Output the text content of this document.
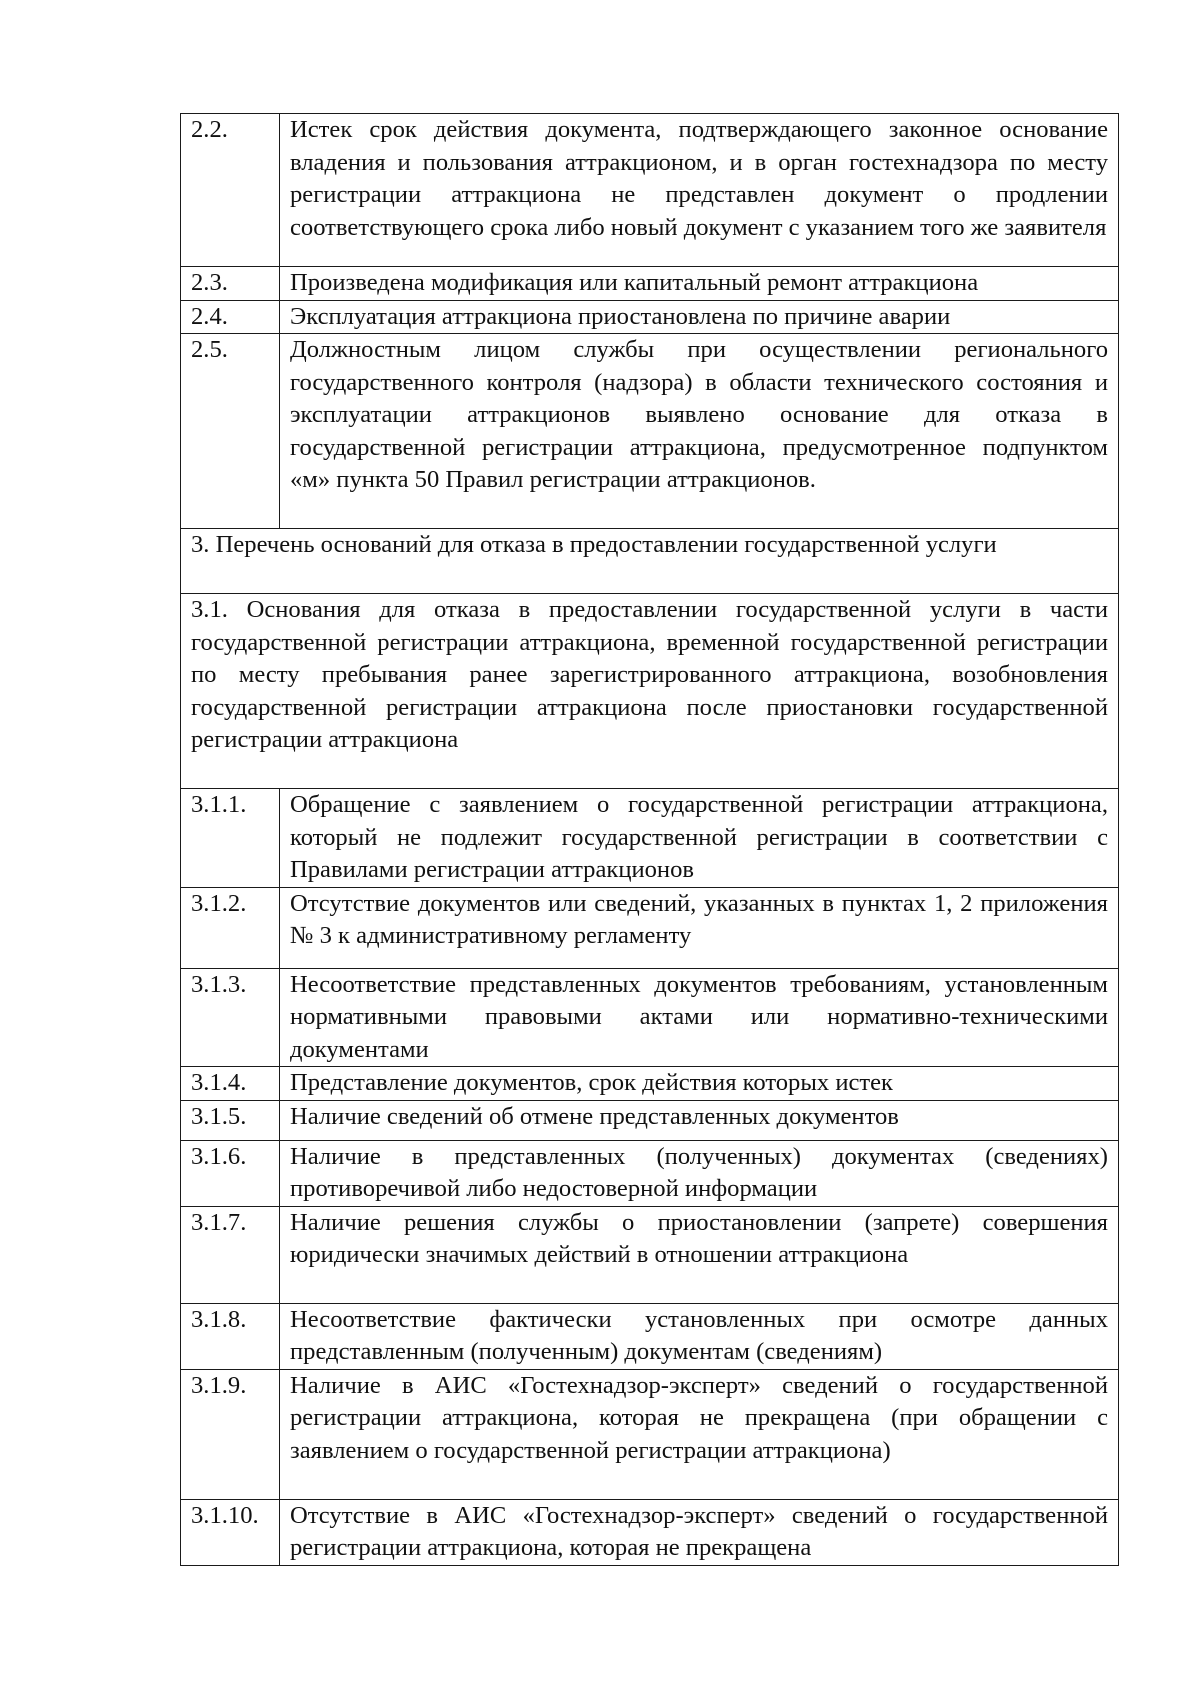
2.2.	Истек срок действия документа, подтверждающего законное основание владения и пользования аттракционом, и в орган гостехнадзора по месту регистрации аттракциона не представлен документ о продлении соответствующего срока либо новый документ с указанием того же заявителя
2.3.	Произведена модификация или капитальный ремонт аттракциона
2.4.	Эксплуатация аттракциона приостановлена по причине аварии
2.5.	Должностным лицом службы при осуществлении регионального государственного контроля (надзора) в области технического состояния и эксплуатации аттракционов выявлено основание для отказа в государственной регистрации аттракциона, предусмотренное подпунктом «м» пункта 50 Правил регистрации аттракционов.
3. Перечень оснований для отказа в предоставлении государственной услуги	
3.1. Основания для отказа в предоставлении государственной услуги в части государственной регистрации аттракциона, временной государственной регистрации по месту пребывания ранее зарегистрированного аттракциона, возобновления государственной регистрации аттракциона после приостановки государственной регистрации аттракциона	
3.1.1.	Обращение с заявлением о государственной регистрации аттракциона, который не подлежит государственной регистрации в соответствии с Правилами регистрации аттракционов
3.1.2.	Отсутствие документов или сведений, указанных в пунктах 1, 2 приложения № 3 к административному регламенту
3.1.3.	Несоответствие представленных документов требованиям, установленным нормативными правовыми актами или нормативно-техническими документами
3.1.4.	Представление документов, срок действия которых истек
3.1.5.	Наличие сведений об отмене представленных документов
3.1.6.	Наличие в представленных (полученных) документах (сведениях) противоречивой либо недостоверной информации
3.1.7.	Наличие решения службы о приостановлении (запрете) совершения юридически значимых действий в отношении аттракциона
3.1.8.	Несоответствие фактически установленных при осмотре данных представленным (полученным) документам (сведениям)
3.1.9.	Наличие в АИС «Гостехнадзор-эксперт» сведений о государственной регистрации аттракциона, которая не прекращена (при обращении с заявлением о государственной регистрации аттракциона)
3.1.10.	Отсутствие в АИС «Гостехнадзор-эксперт» сведений о государственной регистрации аттракциона, которая не прекращена
